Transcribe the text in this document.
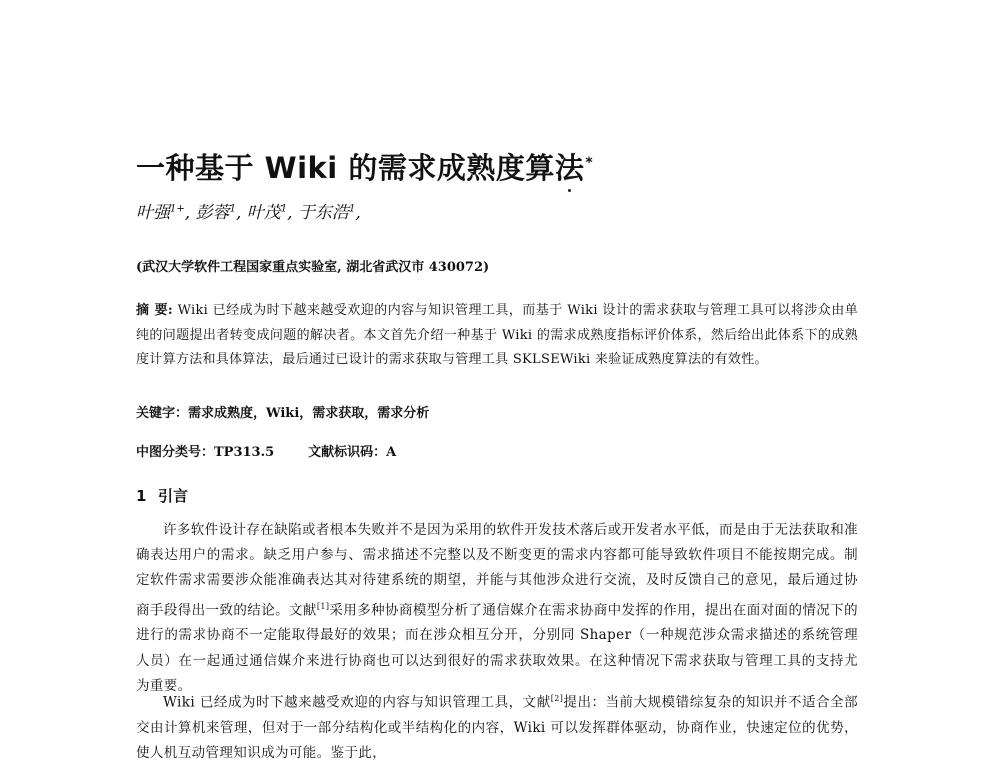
一种基于 Wiki 的需求成熟度算法*
叶强$^{1+}$, 彭蓉$^1$, 叶茂$^1$, 于东浩$^1$,
(武汉大学软件工程国家重点实验室, 湖北省武汉市 430072)
摘 要: Wiki 已经成为时下越来越受欢迎的内容与知识管理工具，而基于 Wiki 设计的需求获取与管理工具可以将涉众由单纯的问题提出者转变成问题的解决者。本文首先介绍一种基于 Wiki 的需求成熟度指标评价体系，然后给出此体系下的成熟度计算方法和具体算法，最后通过已设计的需求获取与管理工具 SKLSEWiki 来验证成熟度算法的有效性。
关键字：需求成熟度，Wiki，需求获取，需求分析
中图分类号：TP313.5	文献标识码：A
1 引言

许多软件设计存在缺陷或者根本失败并不是因为采用的软件开发技术落后或开发者水平低，而是由于无法获取和准确表达用户的需求。缺乏用户参与、需求描述不完整以及不断变更的需求内容都可能导致软件项目不能按期完成。制定软件需求需要涉众能准确表达其对待建系统的期望，并能与其他涉众进行交流，及时反馈自己的意见，最后通过协商手段得出一致的结论。文献[1]采用多种协商模型分析了通信媒介在需求协商中发挥的作用，提出在面对面的情况下的进行的需求协商不一定能取得最好的效果；而在涉众相互分开，分别同 Shaper（一种规范涉众需求描述的系统管理人员）在一起通过通信媒介来进行协商也可以达到很好的需求获取效果。在这种情况下需求获取与管理工具的支持尤为重要。

Wiki 已经成为时下越来越受欢迎的内容与知识管理工具，文献[2]提出：当前大规模错综复杂的知识并不适合全部交由计算机来管理，但对于一部分结构化或半结构化的内容，Wiki 可以发挥群体驱动，协商作业，快速定位的优势，使人机互动管理知识成为可能。鉴于此，
